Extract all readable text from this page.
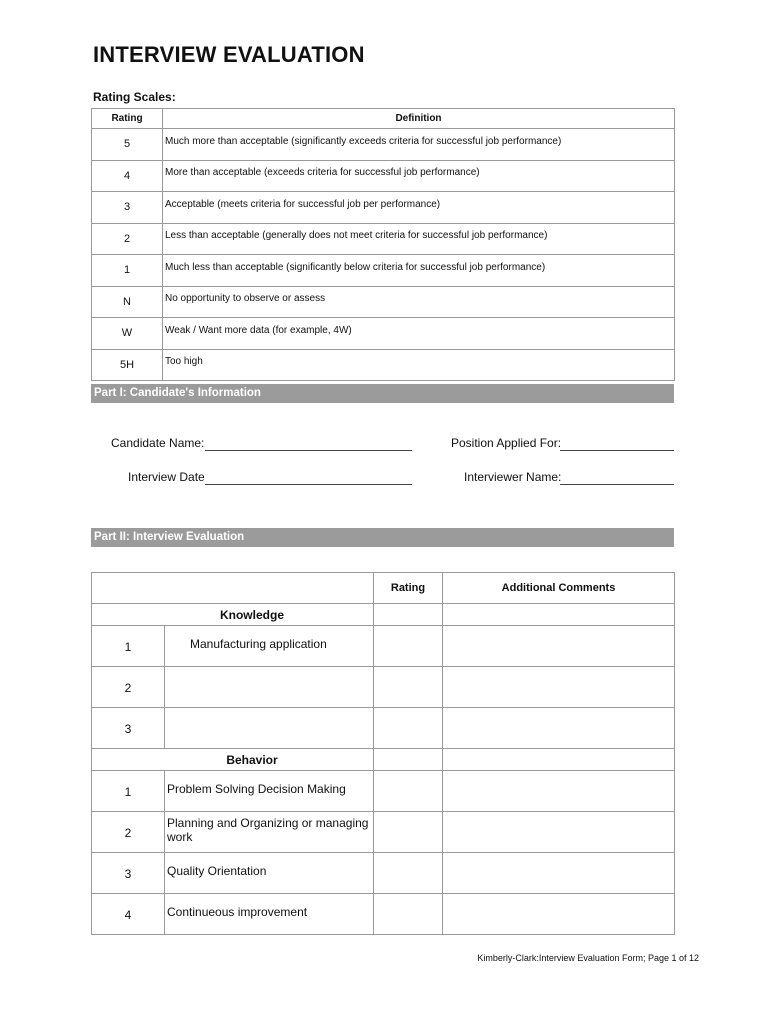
INTERVIEW EVALUATION
Rating Scales:
Rating	Definition
5	Much more than acceptable (significantly exceeds criteria for successful job performance)
4	More than acceptable (exceeds criteria for successful job performance)
3	Acceptable (meets criteria for successful job per performance)
2	Less than acceptable (generally does not meet criteria for successful job performance)
1	Much less than acceptable (significantly below criteria for successful job performance)
N	No opportunity to observe or assess
W	Weak / Want more data (for example, 4W)
5H	Too high
Part I: Candidate's Information
Candidate Name:	Position Applied For:
Interview Date	Interviewer Name:
Part II: Interview Evaluation
		Rating	Additional Comments
Knowledge			
1	Manufacturing application		
2			
3			
Behavior			
1	Problem Solving Decision Making		
2	Planning and Organizing or managing work		
3	Quality Orientation		
4	Continueous improvement		
Kimberly-Clark:Interview Evaluation Form; Page 1 of 12
